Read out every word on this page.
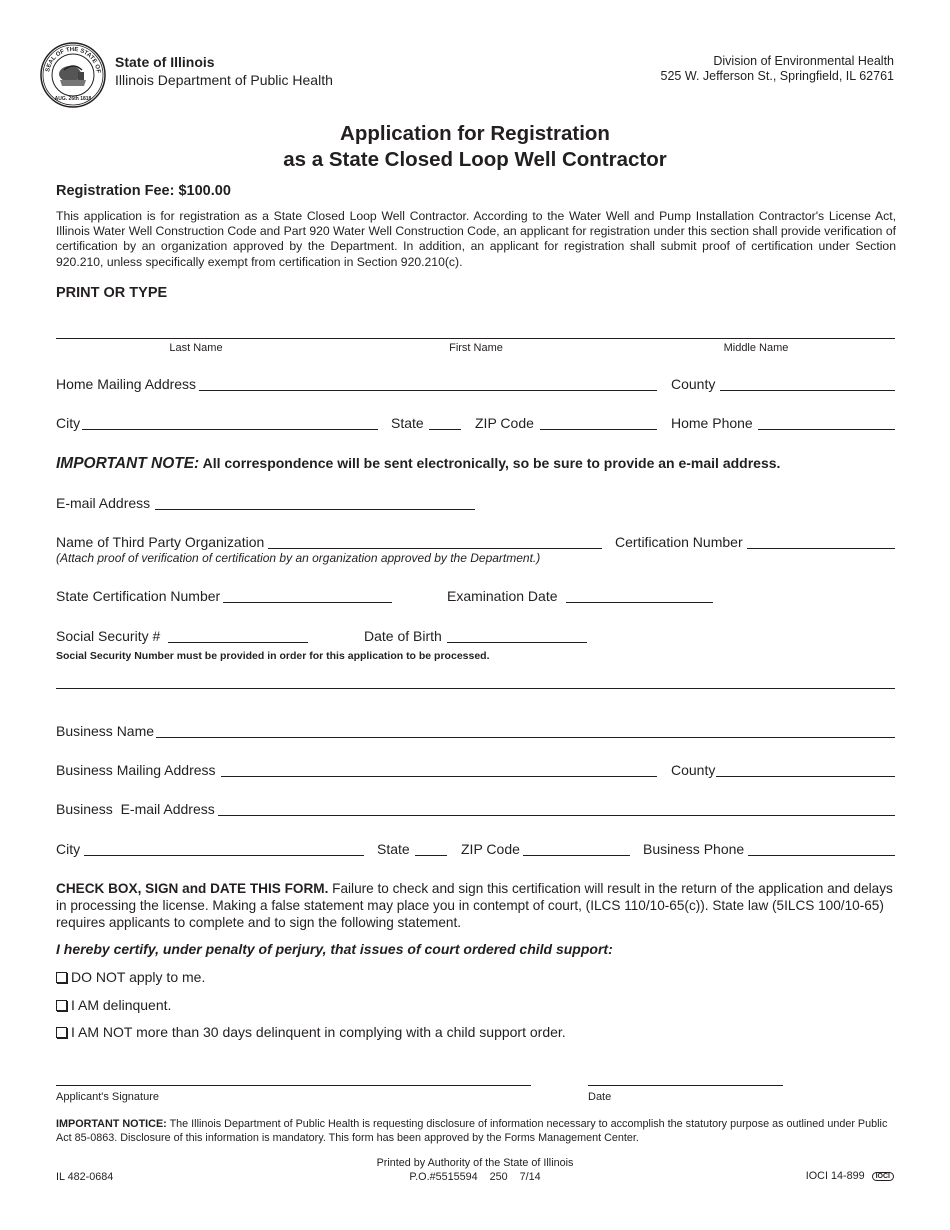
SEAL OF THE STATE OF
AUG. 26th 1818
State of Illinois
Illinois Department of Public Health
Division of Environmental Health
525 W. Jefferson St., Springfield, IL 62761
Application for Registration
as a State Closed Loop Well Contractor
Registration Fee: $100.00
This application is for registration as a State Closed Loop Well Contractor. According to the Water Well and Pump Installation Contractor's License Act, Illinois Water Well Construction Code and Part 920 Water Well Construction Code, an applicant for registration under this section shall provide verification of certification by an organization approved by the Department. In addition, an applicant for registration shall submit proof of certification under Section 920.210, unless specifically exempt from certification in Section 920.210(c).
PRINT OR TYPE
Last Name	First Name	Middle Name
Home Mailing Address	County
City	State	ZIP Code	Home Phone
IMPORTANT NOTE: All correspondence will be sent electronically, so be sure to provide an e-mail address.
E-mail Address
Name of Third Party Organization	Certification Number
(Attach proof of verification of certification by an organization approved by the Department.)
State Certification Number	Examination Date
Social Security #	Date of Birth
Social Security Number must be provided in order for this application to be processed.
Business Name
Business Mailing Address	County
Business  E-mail Address
City	State	ZIP Code	Business Phone
CHECK BOX, SIGN and DATE THIS FORM. Failure to check and sign this certification will result in the return of the application and delays in processing the license. Making a false statement may place you in contempt of court, (ILCS 110/10-65(c)). State law (5ILCS 100/10-65) requires applicants to complete and to sign the following statement.
I hereby certify, under penalty of perjury, that issues of court ordered child support:
DO NOT apply to me.
I AM delinquent.
I AM NOT more than 30 days delinquent in complying with a child support order.
Applicant's Signature	Date
IMPORTANT NOTICE: The Illinois Department of Public Health is requesting disclosure of information necessary to accomplish the statutory purpose as outlined under Public Act 85-0863. Disclosure of this information is mandatory. This form has been approved by the Forms Management Center.
Printed by Authority of the State of Illinois
P.O.#5515594    250    7/14
IL 482-0684	IOCI 14-899 IOCI
